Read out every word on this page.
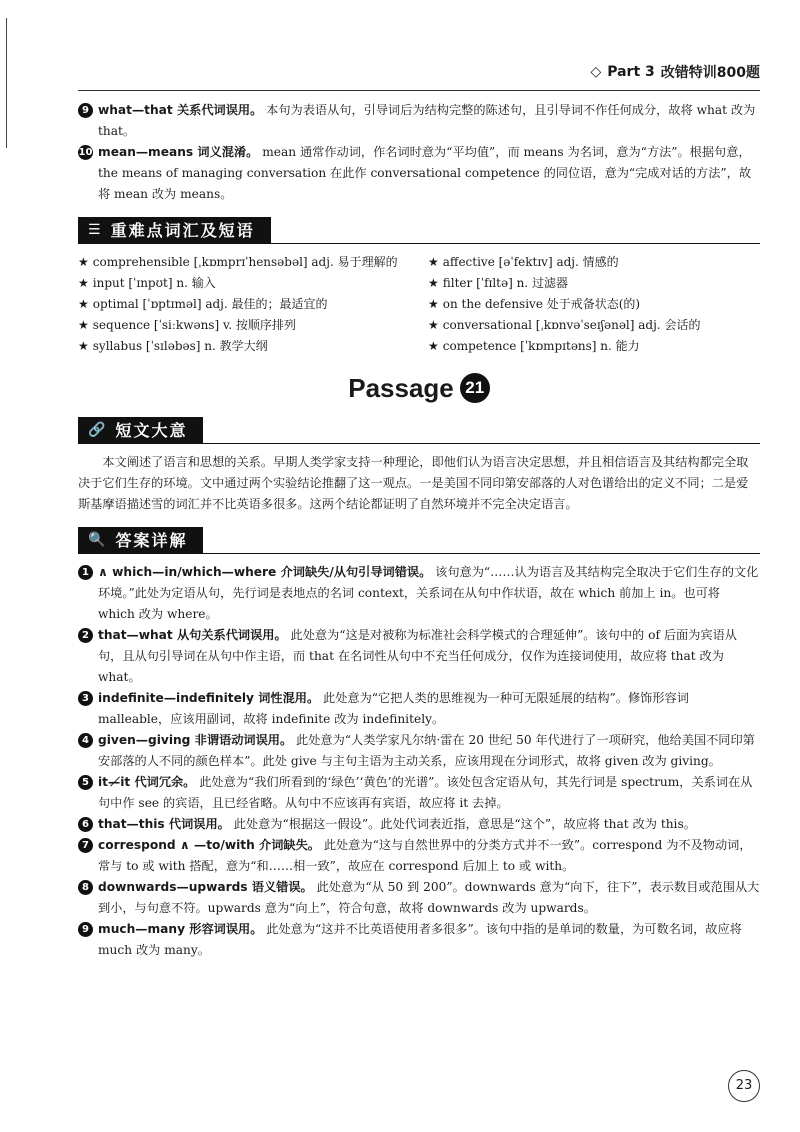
◇ Part 3 改错特训800题
9 what—that 关系代词误用。 本句为表语从句，引导词后为结构完整的陈述句，且引导词不作任何成分，故将 what 改为 that。
10 mean—means 词义混淆。 mean 通常作动词，作名词时意为“平均值”，而 means 为名词，意为“方法”。根据句意，the means of managing conversation 在此作 conversational competence 的同位语，意为“完成对话的方法”，故将 mean 改为 means。
☰ 重难点词汇及短语
★ comprehensible [ˌkɒmprɪˈhensəbəl] adj. 易于理解的	★ affective [əˈfektɪv] adj. 情感的
★ input [ˈɪnpʊt] n. 输入	★ filter [ˈfɪltə] n. 过滤器
★ optimal [ˈɒptɪməl] adj. 最佳的；最适宜的	★ on the defensive 处于戒备状态(的)
★ sequence [ˈsiːkwəns] v. 按顺序排列	★ conversational [ˌkɒnvəˈseɪʃənəl] adj. 会话的
★ syllabus [ˈsɪləbəs] n. 教学大纲	★ competence [ˈkɒmpɪtəns] n. 能力
Passage 21
🔗 短文大意
本文阐述了语言和思想的关系。早期人类学家支持一种理论，即他们认为语言决定思想，并且相信语言及其结构都完全取决于它们生存的环境。文中通过两个实验结论推翻了这一观点。一是美国不同印第安部落的人对色谱给出的定义不同；二是爱斯基摩语描述雪的词汇并不比英语多很多。这两个结论都证明了自然环境并不完全决定语言。
🔍 答案详解
1 ∧ which—in/which—where 介词缺失/从句引导词错误。 该句意为“……认为语言及其结构完全取决于它们生存的文化环境。”此处为定语从句，先行词是表地点的名词 context，关系词在从句中作状语，故在 which 前加上 in。也可将 which 改为 where。
2 that—what 从句关系代词误用。 此处意为“这是对被称为标准社会科学模式的合理延伸”。该句中的 of 后面为宾语从句，且从句引导词在从句中作主语，而 that 在名词性从句中不充当任何成分，仅作为连接词使用，故应将 that 改为 what。
3 indefinite—indefinitely 词性混用。 此处意为“它把人类的思维视为一种可无限延展的结构”。修饰形容词 malleable，应该用副词，故将 indefinite 改为 indefinitely。
4 given—giving 非谓语动词误用。 此处意为“人类学家凡尔纳·雷在 20 世纪 50 年代进行了一项研究，他给美国不同印第安部落的人不同的颜色样本”。此处 give 与主句主语为主动关系，应该用现在分词形式，故将 given 改为 giving。
5 it—̸it 代词冗余。 此处意为“我们所看到的‘绿色’‘黄色’的光谱”。该处包含定语从句，其先行词是 spectrum，关系词在从句中作 see 的宾语，且已经省略。从句中不应该再有宾语，故应将 it 去掉。
6 that—this 代词误用。 此处意为“根据这一假设”。此处代词表近指，意思是“这个”，故应将 that 改为 this。
7 correspond ∧ —to/with 介词缺失。 此处意为“这与自然世界中的分类方式并不一致”。correspond 为不及物动词，常与 to 或 with 搭配，意为“和……相一致”，故应在 correspond 后加上 to 或 with。
8 downwards—upwards 语义错误。 此处意为“从 50 到 200”。downwards 意为“向下，往下”，表示数目或范围从大到小，与句意不符。upwards 意为“向上”，符合句意，故将 downwards 改为 upwards。
9 much—many 形容词误用。 此处意为“这并不比英语使用者多很多”。该句中指的是单词的数量，为可数名词，故应将 much 改为 many。
23
